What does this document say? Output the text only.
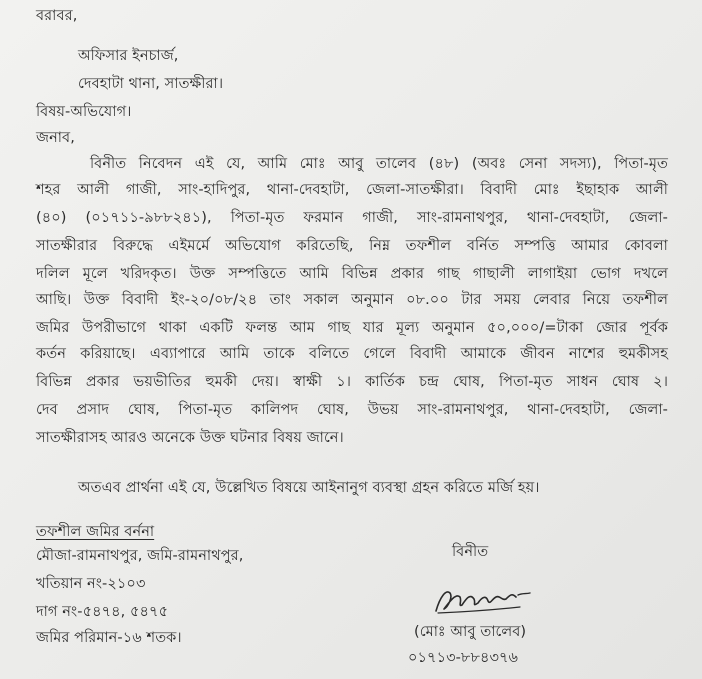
বরাবর,
অফিসার ইনচার্জ,
দেবহাটা থানা, সাতক্ষীরা।
বিষয়-অভিযোগ।
জনাব,
বিনীত নিবেদন এই যে, আমি মোঃ আবু তালেব (৪৮) (অবঃ সেনা সদস্য), পিতা-মৃত
শহর আলী গাজী, সাং-হাদিপুর, থানা-দেবহাটা, জেলা-সাতক্ষীরা। বিবাদী মোঃ ইছাহাক আলী
(৪০) (০১৭১১-৯৮৮২৪১), পিতা-মৃত ফরমান গাজী, সাং-রামনাথপুর, থানা-দেবহাটা, জেলা-
সাতক্ষীরার বিরুদ্ধে এইমর্মে অভিযোগ করিতেছি, নিম্ন তফশীল বর্নিত সম্পত্তি আমার কোবলা
দলিল মূলে খরিদকৃত। উক্ত সম্পত্তিতে আমি বিভিন্ন প্রকার গাছ গাছালী লাগাইয়া ভোগ দখলে
আছি। উক্ত বিবাদী ইং-২০/০৮/২৪ তাং সকাল অনুমান ০৮.০০ টার সময় লেবার নিয়ে তফশীল
জমির উপরীভাগে থাকা একটি ফলন্ত আম গাছ যার মূল্য অনুমান ৫০,০০০/=টাকা জোর পূর্বক
কর্তন করিয়াছে। এব্যাপারে আমি তাকে বলিতে গেলে বিবাদী আমাকে জীবন নাশের হুমকীসহ
বিভিন্ন প্রকার ভয়ভীতির হুমকী দেয়। স্বাক্ষী ১। কার্তিক চন্দ্র ঘোষ, পিতা-মৃত সাধন ঘোষ ২।
দেব প্রসাদ ঘোষ, পিতা-মৃত কালিপদ ঘোষ, উভয় সাং-রামনাথপুর, থানা-দেবহাটা, জেলা-
সাতক্ষীরাসহ আরও অনেকে উক্ত ঘটনার বিষয় জানে।
অতএব প্রার্থনা এই যে, উল্লেখিত বিষয়ে আইনানুগ ব্যবস্থা গ্রহন করিতে মর্জি হয়।
তফশীল জমির বর্ননা
মৌজা-রামনাথপুর, জমি-রামনাথপুর,
খতিয়ান নং-২১০৩
দাগ নং-৫৪৭৪, ৫৪৭৫
জমির পরিমান-১৬ শতক।
বিনীত
(মোঃ আবু তালেব)
০১৭১৩-৮৮৪৩৭৬
